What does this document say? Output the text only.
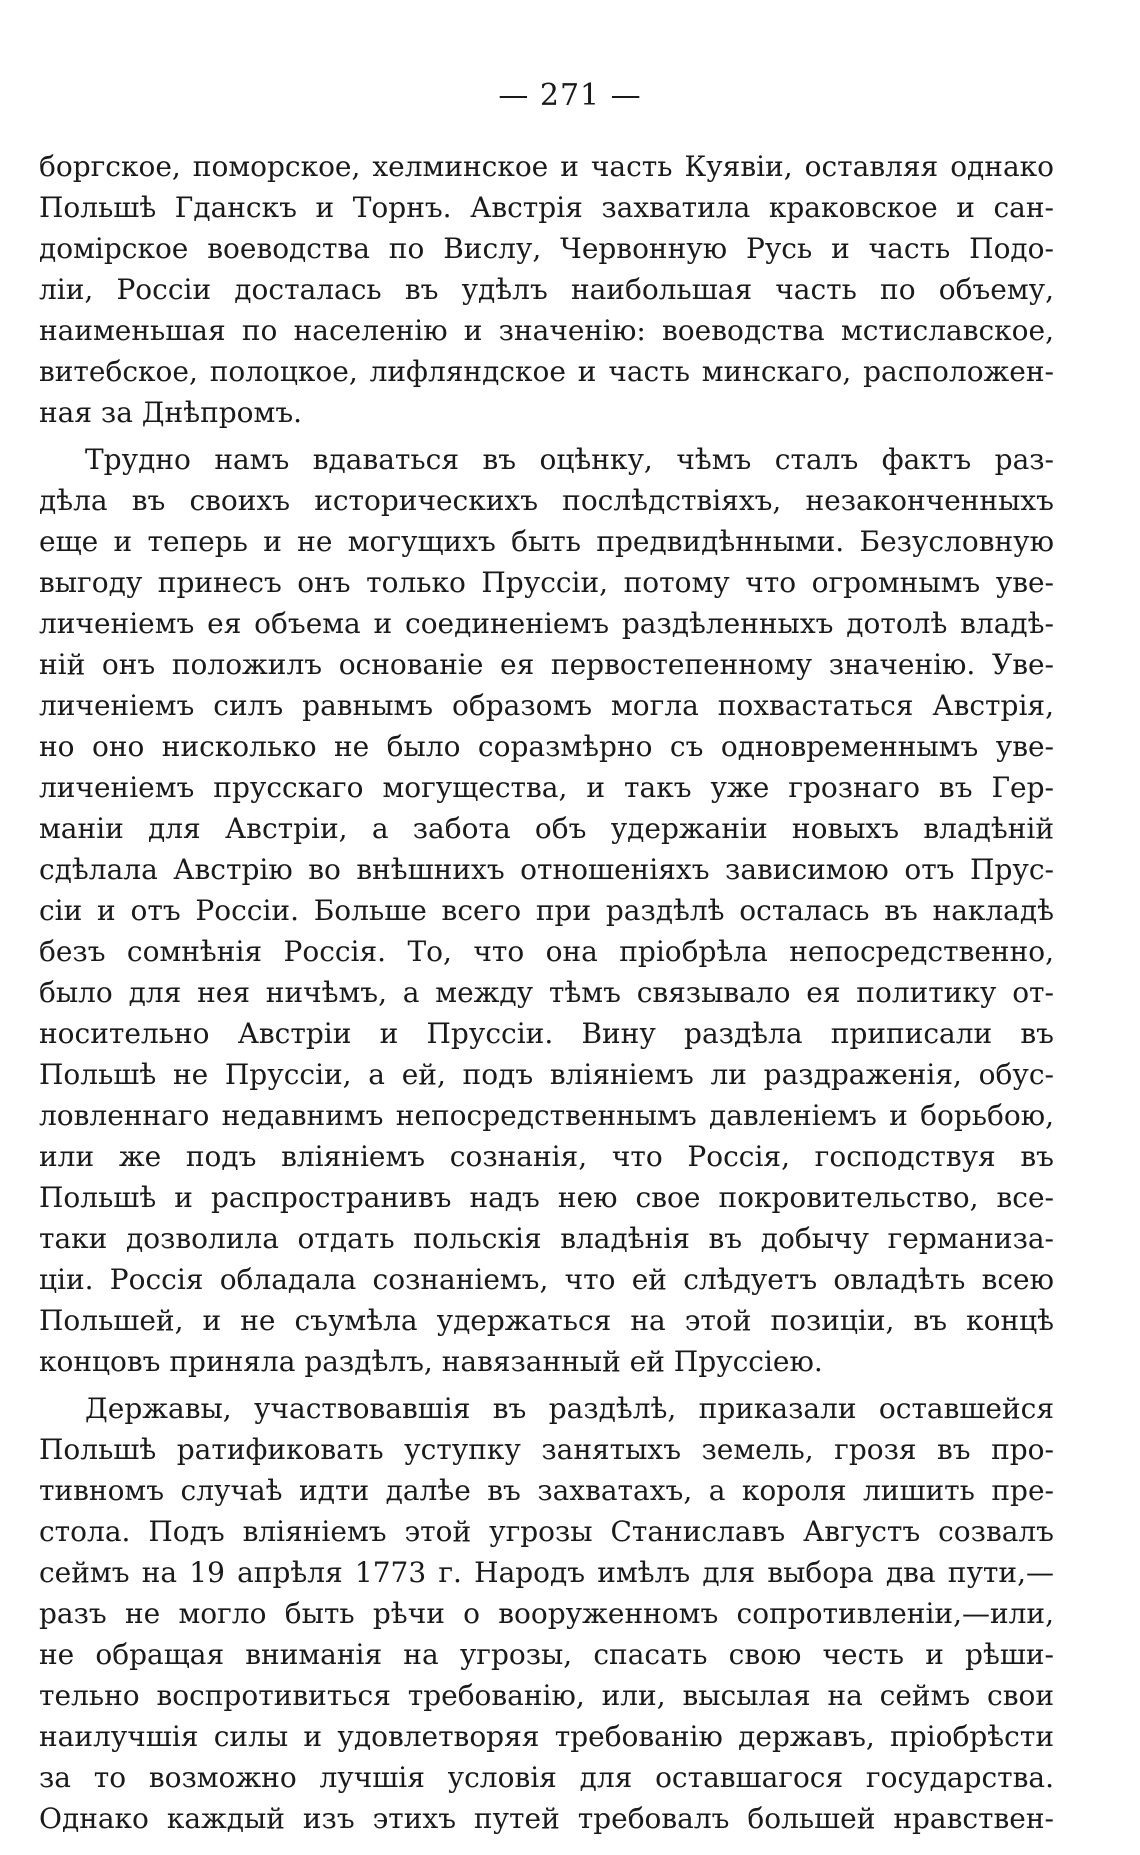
— 271 —
боргское, поморское, хелминское и часть Куявіи, оставляя однако
Польшѣ Гданскъ и Торнъ. Австрія захватила краковское и сан-
домірское воеводства по Вислу, Червонную Русь и часть Подо-
ліи, Россіи досталась въ удѣлъ наибольшая часть по объему,
наименьшая по населенію и значенію: воеводства мстиславское,
витебское, полоцкое, лифляндское и часть минскаго, расположен-
ная за Днѣпромъ.
Трудно намъ вдаваться въ оцѣнку, чѣмъ сталъ фактъ раз-
дѣла въ своихъ историческихъ послѣдствіяхъ, незаконченныхъ
еще и теперь и не могущихъ быть предвидѣнными. Безусловную
выгоду принесъ онъ только Пруссіи, потому что огромнымъ уве-
личеніемъ ея объема и соединеніемъ раздѣленныхъ дотолѣ владѣ-
ній онъ положилъ основаніе ея первостепенному значенію. Уве-
личеніемъ силъ равнымъ образомъ могла похвастаться Австрія,
но оно нисколько не было соразмѣрно съ одновременнымъ уве-
личеніемъ прусскаго могущества, и такъ уже грознаго въ Гер-
маніи для Австріи, а забота объ удержаніи новыхъ владѣній
сдѣлала Австрію во внѣшнихъ отношеніяхъ зависимою отъ Прус-
сіи и отъ Россіи. Больше всего при раздѣлѣ осталась въ накладѣ
безъ сомнѣнія Россія. То, что она пріобрѣла непосредственно,
было для нея ничѣмъ, а между тѣмъ связывало ея политику от-
носительно Австріи и Пруссіи. Вину раздѣла приписали въ
Польшѣ не Пруссіи, а ей, подъ вліяніемъ ли раздраженія, обус-
ловленнаго недавнимъ непосредственнымъ давленіемъ и борьбою,
или же подъ вліяніемъ сознанія, что Россія, господствуя въ
Польшѣ и распространивъ надъ нею свое покровительство, все-
таки дозволила отдать польскія владѣнія въ добычу германиза-
ціи. Россія обладала сознаніемъ, что ей слѣдуетъ овладѣть всею
Польшей, и не съумѣла удержаться на этой позиціи, въ концѣ
концовъ приняла раздѣлъ, навязанный ей Пруссіею.
Державы, участвовавшія въ раздѣлѣ, приказали оставшейся
Польшѣ ратификовать уступку занятыхъ земель, грозя въ про-
тивномъ случаѣ идти далѣе въ захватахъ, а короля лишить пре-
стола. Подъ вліяніемъ этой угрозы Станиславъ Августъ созвалъ
сеймъ на 19 апрѣля 1773 г. Народъ имѣлъ для выбора два пути,—
разъ не могло быть рѣчи о вооруженномъ сопротивленіи,—или,
не обращая вниманія на угрозы, спасать свою честь и рѣши-
тельно воспротивиться требованію, или, высылая на сеймъ свои
наилучшія силы и удовлетворяя требованію державъ, пріобрѣсти
за то возможно лучшія условія для оставшагося государства.
Однако каждый изъ этихъ путей требовалъ большей нравствен-
